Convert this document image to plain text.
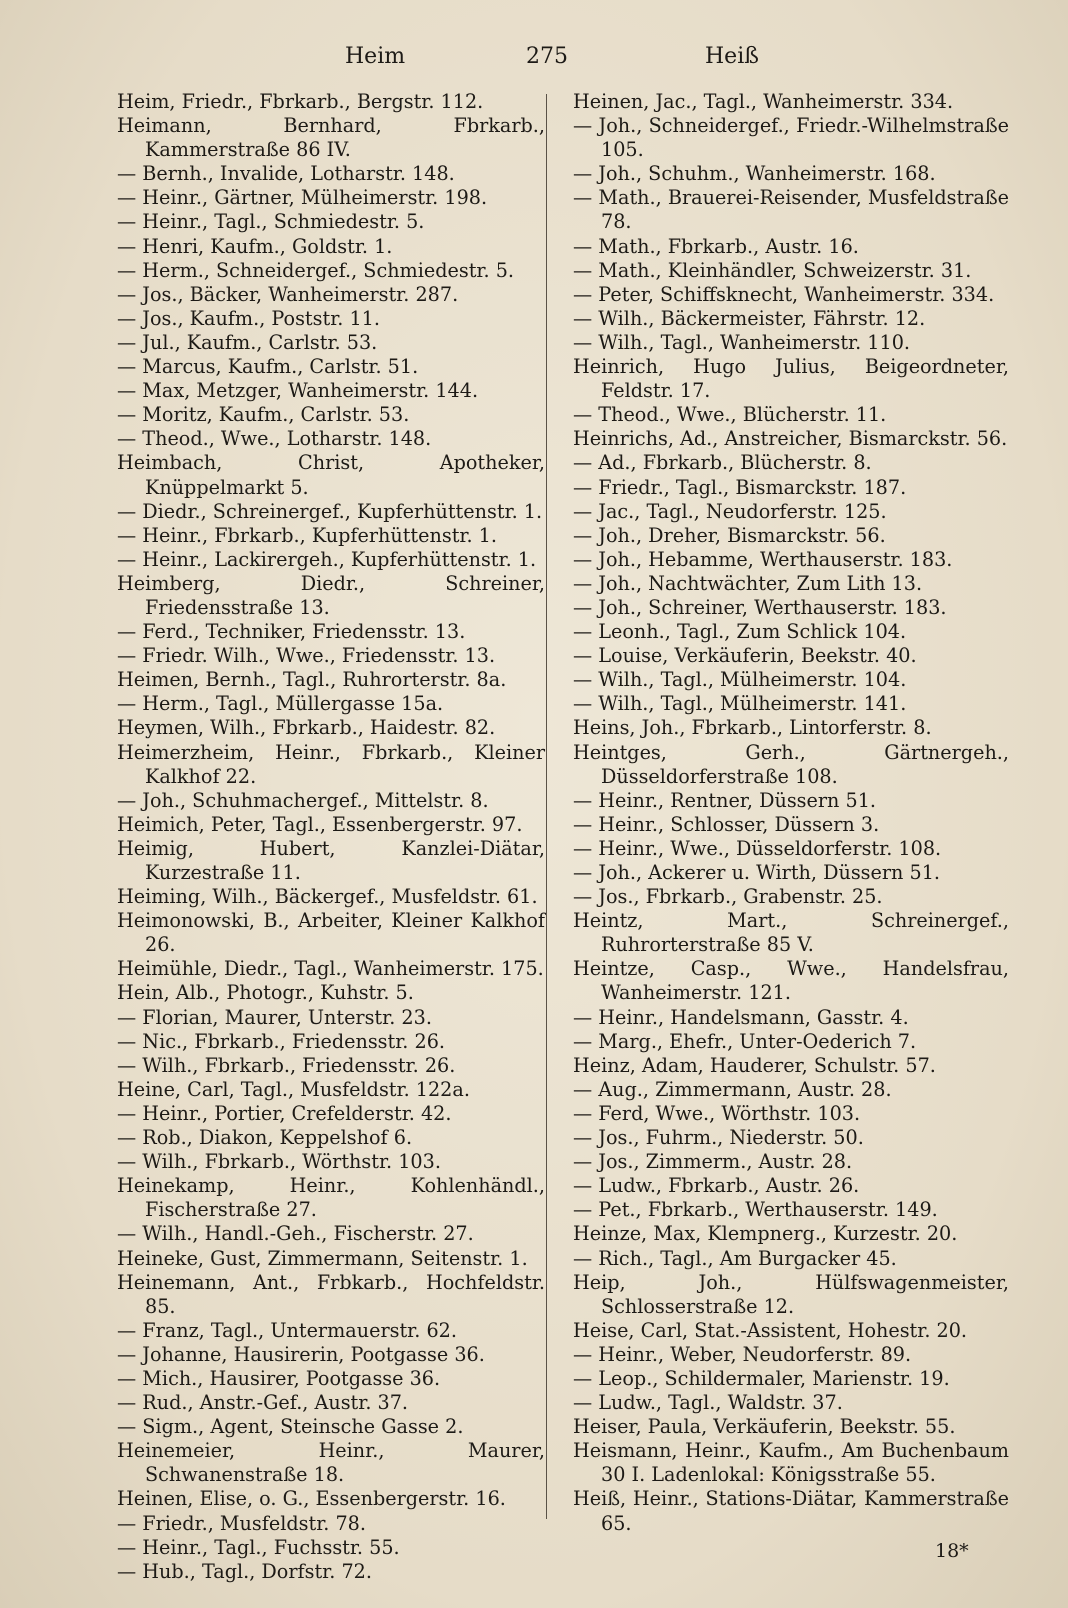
Heim	275	Heiß

Heim, Friedr., Fbrkarb., Bergstr. 112.

Heimann, Bernhard, Fbrkarb., Kammerstraße 86 IV.

— Bernh., Invalide, Lotharstr. 148.

— Heinr., Gärtner, Mülheimerstr. 198.

— Heinr., Tagl., Schmiedestr. 5.

— Henri, Kaufm., Goldstr. 1.

— Herm., Schneidergef., Schmiedestr. 5.

— Jos., Bäcker, Wanheimerstr. 287.

— Jos., Kaufm., Poststr. 11.

— Jul., Kaufm., Carlstr. 53.

— Marcus, Kaufm., Carlstr. 51.

— Max, Metzger, Wanheimerstr. 144.

— Moritz, Kaufm., Carlstr. 53.

— Theod., Wwe., Lotharstr. 148.

Heimbach, Christ, Apotheker, Knüppelmarkt 5.

— Diedr., Schreinergef., Kupferhüttenstr. 1.

— Heinr., Fbrkarb., Kupferhüttenstr. 1.

— Heinr., Lackirergeh., Kupferhüttenstr. 1.

Heimberg, Diedr., Schreiner, Friedensstraße 13.

— Ferd., Techniker, Friedensstr. 13.

— Friedr. Wilh., Wwe., Friedensstr. 13.

Heimen, Bernh., Tagl., Ruhrorterstr. 8a.

— Herm., Tagl., Müllergasse 15a.

Heymen, Wilh., Fbrkarb., Haidestr. 82.

Heimerzheim, Heinr., Fbrkarb., Kleiner Kalkhof 22.

— Joh., Schuhmachergef., Mittelstr. 8.

Heimich, Peter, Tagl., Essenbergerstr. 97.

Heimig, Hubert, Kanzlei-Diätar, Kurzestraße 11.

Heiming, Wilh., Bäckergef., Musfeldstr. 61.

Heimonowski, B., Arbeiter, Kleiner Kalkhof 26.

Heimühle, Diedr., Tagl., Wanheimerstr. 175.

Hein, Alb., Photogr., Kuhstr. 5.

— Florian, Maurer, Unterstr. 23.

— Nic., Fbrkarb., Friedensstr. 26.

— Wilh., Fbrkarb., Friedensstr. 26.

Heine, Carl, Tagl., Musfeldstr. 122a.

— Heinr., Portier, Crefelderstr. 42.

— Rob., Diakon, Keppelshof 6.

— Wilh., Fbrkarb., Wörthstr. 103.

Heinekamp, Heinr., Kohlenhändl., Fischerstraße 27.

— Wilh., Handl.-Geh., Fischerstr. 27.

Heineke, Gust, Zimmermann, Seitenstr. 1.

Heinemann, Ant., Frbkarb., Hochfeldstr. 85.

— Franz, Tagl., Untermauerstr. 62.

— Johanne, Hausirerin, Pootgasse 36.

— Mich., Hausirer, Pootgasse 36.

— Rud., Anstr.-Gef., Austr. 37.

— Sigm., Agent, Steinsche Gasse 2.

Heinemeier, Heinr., Maurer, Schwanenstraße 18.

Heinen, Elise, o. G., Essenbergerstr. 16.

— Friedr., Musfeldstr. 78.

— Heinr., Tagl., Fuchsstr. 55.

— Hub., Tagl., Dorfstr. 72.

Heinen, Jac., Tagl., Wanheimerstr. 334.

— Joh., Schneidergef., Friedr.-Wilhelmstraße 105.

— Joh., Schuhm., Wanheimerstr. 168.

— Math., Brauerei-Reisender, Musfeldstraße 78.

— Math., Fbrkarb., Austr. 16.

— Math., Kleinhändler, Schweizerstr. 31.

— Peter, Schiffsknecht, Wanheimerstr. 334.

— Wilh., Bäckermeister, Fährstr. 12.

— Wilh., Tagl., Wanheimerstr. 110.

Heinrich, Hugo Julius, Beigeordneter, Feldstr. 17.

— Theod., Wwe., Blücherstr. 11.

Heinrichs, Ad., Anstreicher, Bismarckstr. 56.

— Ad., Fbrkarb., Blücherstr. 8.

— Friedr., Tagl., Bismarckstr. 187.

— Jac., Tagl., Neudorferstr. 125.

— Joh., Dreher, Bismarckstr. 56.

— Joh., Hebamme, Werthauserstr. 183.

— Joh., Nachtwächter, Zum Lith 13.

— Joh., Schreiner, Werthauserstr. 183.

— Leonh., Tagl., Zum Schlick 104.

— Louise, Verkäuferin, Beekstr. 40.

— Wilh., Tagl., Mülheimerstr. 104.

— Wilh., Tagl., Mülheimerstr. 141.

Heins, Joh., Fbrkarb., Lintorferstr. 8.

Heintges, Gerh., Gärtnergeh., Düsseldorferstraße 108.

— Heinr., Rentner, Düssern 51.

— Heinr., Schlosser, Düssern 3.

— Heinr., Wwe., Düsseldorferstr. 108.

— Joh., Ackerer u. Wirth, Düssern 51.

— Jos., Fbrkarb., Grabenstr. 25.

Heintz, Mart., Schreinergef., Ruhrorterstraße 85 V.

Heintze, Casp., Wwe., Handelsfrau, Wanheimerstr. 121.

— Heinr., Handelsmann, Gasstr. 4.

— Marg., Ehefr., Unter-Oederich 7.

Heinz, Adam, Hauderer, Schulstr. 57.

— Aug., Zimmermann, Austr. 28.

— Ferd, Wwe., Wörthstr. 103.

— Jos., Fuhrm., Niederstr. 50.

— Jos., Zimmerm., Austr. 28.

— Ludw., Fbrkarb., Austr. 26.

— Pet., Fbrkarb., Werthauserstr. 149.

Heinze, Max, Klempnerg., Kurzestr. 20.

— Rich., Tagl., Am Burgacker 45.

Heip, Joh., Hülfswagenmeister, Schlosserstraße 12.

Heise, Carl, Stat.-Assistent, Hohestr. 20.

— Heinr., Weber, Neudorferstr. 89.

— Leop., Schildermaler, Marienstr. 19.

— Ludw., Tagl., Waldstr. 37.

Heiser, Paula, Verkäuferin, Beekstr. 55.

Heismann, Heinr., Kaufm., Am Buchenbaum 30 I. Ladenlokal: Königsstraße 55.

Heiß, Heinr., Stations-Diätar, Kammerstraße 65.

18*
